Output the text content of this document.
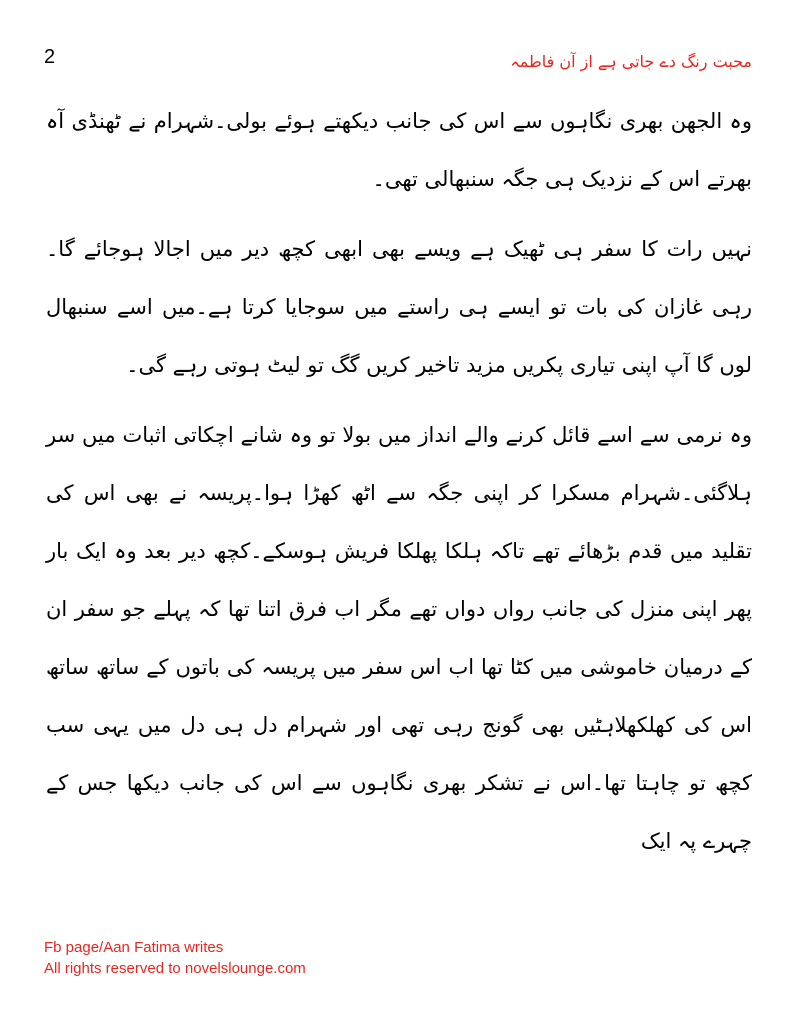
2	محبت رنگ دے جاتی ہے از آن فاطمہ

وہ الجھن بھری نگاہوں سے اس کی جانب دیکھتے ہوئے بولی۔شہرام نے ٹھنڈی آہ بھرتے اس کے نزدیک ہی جگہ سنبھالی تھی۔

نہیں رات کا سفر ہی ٹھیک ہے ویسے بھی ابھی کچھ دیر میں اجالا ہوجائے گا۔رہی غازان کی بات تو ایسے ہی راستے میں سوجایا کرتا ہے۔میں اسے سنبھال لوں گا آپ اپنی تیاری پکریں مزید تاخیر کریں گگ تو لیٹ ہوتی رہے گی۔

وہ نرمی سے اسے قائل کرنے والے انداز میں بولا تو وہ شانے اچکاتی اثبات میں سر ہلاگئی۔شہرام مسکرا کر اپنی جگہ سے اٹھ کھڑا ہوا۔پریسہ نے بھی اس کی تقلید میں قدم بڑھائے تھے تاکہ ہلکا پھلکا فریش ہوسکے۔کچھ دیر بعد وہ ایک بار پھر اپنی منزل کی جانب رواں دواں تھے مگر اب فرق اتنا تھا کہ پہلے جو سفر ان کے درمیان خاموشی میں کٹا تھا اب اس سفر میں پریسہ کی باتوں کے ساتھ ساتھ اس کی کھلکھلاہٹیں بھی گونج رہی تھی اور شہرام دل ہی دل میں یہی سب کچھ تو چاہتا تھا۔اس نے تشکر بھری نگاہوں سے اس کی جانب دیکھا جس کے چہرے پہ ایک

Fb page/Aan Fatima writes
All rights reserved to novelslounge.com
